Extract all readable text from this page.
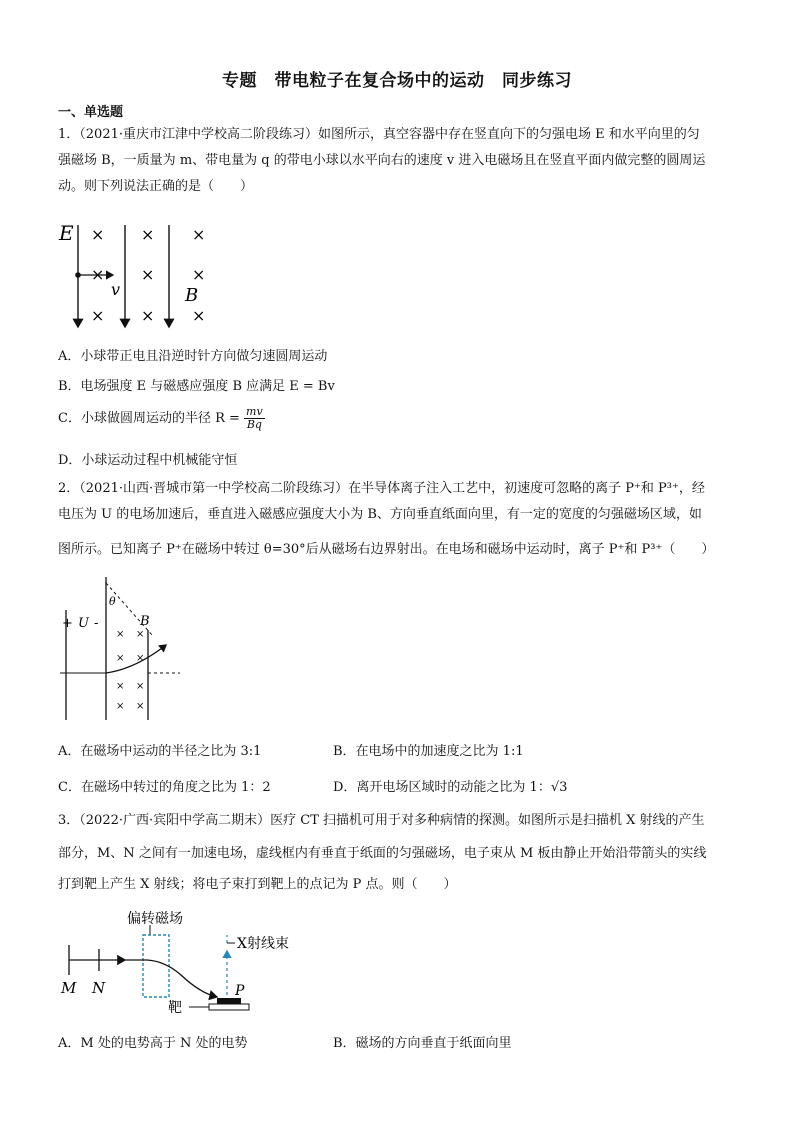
专题　带电粒子在复合场中的运动　同步练习
一、单选题
1．（2021·重庆市江津中学校高二阶段练习）如图所示，真空容器中存在竖直向下的匀强电场 E 和水平向里的匀
强磁场 B，一质量为 m、带电量为 q 的带电小球以水平向右的速度 v 进入电磁场且在竖直平面内做完整的圆周运
动。则下列说法正确的是（　　）
E × × ×
× ×
× × ×
×
v	B
A．小球带正电且沿逆时针方向做匀速圆周运动
B．电场强度 E 与磁感应强度 B 应满足 E = Bv
C．小球做圆周运动的半径 $R = \frac{mv}{Bq}$
D．小球运动过程中机械能守恒
2．（2021·山西·晋城市第一中学校高二阶段练习）在半导体离子注入工艺中，初速度可忽略的离子 P⁺和 P³⁺，经
电压为 U 的电场加速后，垂直进入磁感应强度大小为 B、方向垂直纸面向里，有一定的宽度的匀强磁场区域，如
图所示。已知离子 P⁺在磁场中转过 θ=30°后从磁场右边界射出。在电场和磁场中运动时，离子 P⁺和 P³⁺（　　）
θ
+ U -	B
× ×
× ×
× ×
× ×
A．在磁场中运动的半径之比为 3:1	B．在电场中的加速度之比为 1:1
C．在磁场中转过的角度之比为 1：2	D．离开电场区域时的动能之比为 1：√3
3．（2022·广西·宾阳中学高二期末）医疗 CT 扫描机可用于对多种病情的探测。如图所示是扫描机 X 射线的产生
部分，M、N 之间有一加速电场，虚线框内有垂直于纸面的匀强磁场，电子束从 M 板由静止开始沿带箭头的实线
打到靶上产生 X 射线；将电子束打到靶上的点记为 P 点。则（　　）
偏转磁场
X射线束
靶
P
M N
A．M 处的电势高于 N 处的电势	B．磁场的方向垂直于纸面向里
